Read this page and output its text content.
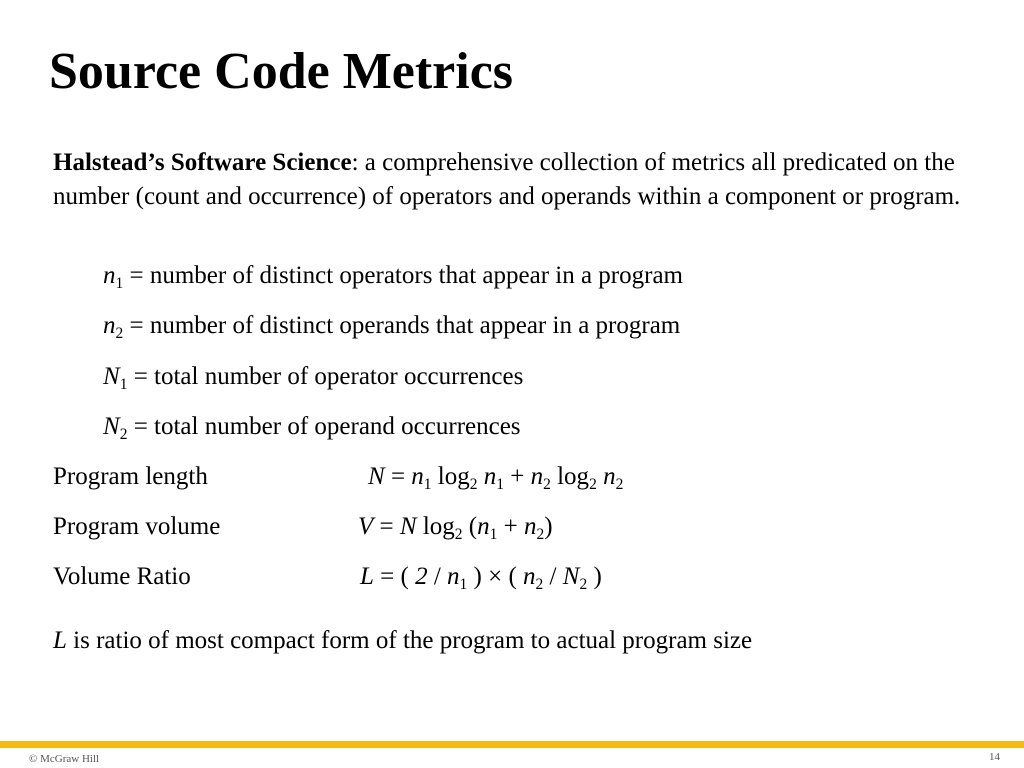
Source Code Metrics

Halstead’s Software Science: a comprehensive collection of metrics all predicated on the number (count and occurrence) of operators and operands within a component or program.

$n_1$ = number of distinct operators that appear in a program

$n_2$ = number of distinct operands that appear in a program

$N_1$ = total number of operator occurrences

$N_2$ = total number of operand occurrences

Program length	$N = n_1$ $\log_2 n_1 + n_2$ $\log_2 n_2$

Program volume	V = N $\log_2 (n_1 + n_2)$

Volume Ratio	L = ( $2 / n_1$ ) × ( $n_2 / N_2$ )

L is ratio of most compact form of the program to actual program size

© McGraw Hill	14
